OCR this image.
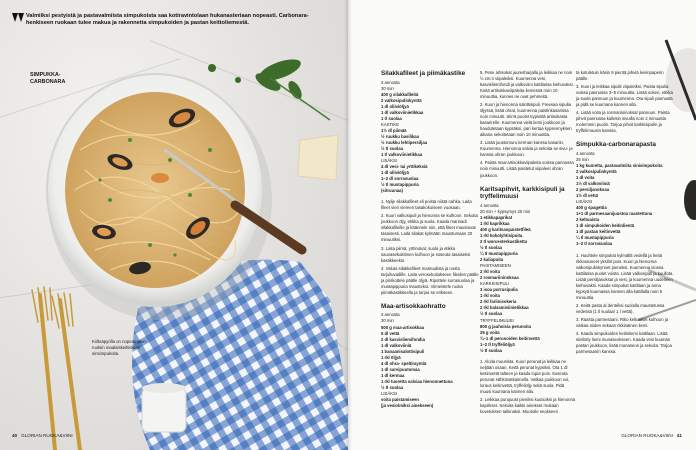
Valmiiksi pestyistä ja pastavalmiista simpukoista saa kotiravintolaan hukanasteriaan nopeasti. Carbonara-henkiseen ruokaan tulee makua ja rakennetta simpukoiden ja pastan keittoliemestä.
SIMPUKKA-CARBONARA
Kiiltoäpyrilla on nopeampien ruokiin maalaiskeittiöiden sinsimpukoita.
40 GLORIAN RUOKA&VIINI
Silakkafileet ja piimäkastike
4 annosta
30 min
400 g silakkafileitä
2 valkosipulinkynttä
1 dl oliiviöljyä
1 dl valkoviinietikkaa
1 tl suolaa
KASTIKE
1½ dl piimää
½ ruukku basilikaa
½ ruukku lehtipersiljaa
½ tl suolaa
1 tl valkoviinietikkaa
LISÄKSI
4 dl vesi- tai yrttikeksiä
1 dl oliiviöljyä
1–2 dl sorrasuolaa
½ tl mustapippuria
(sitruunaa)

1. Nylje silakkafileet eli poista niistä nahka. Laita fileet vieri viereen tasakokoiseen vuokaan.

2. Kuori valkosipuli ja hienonna se kulhoon. Sekoita joukkoon öljy, etikka ja suola. Kaada marinadi silakkafileille ja käännele niin, että fileet maustuvat tasaisesti. Laita silakat kylmään maustumaan 20 minuutiksi.

3. Laita piimä, yrttinokat, suola ja etikka sauvasekoittimen kulhoon ja soseuta tasaiseksi kastikkeeksi.

4. Valuta silakkafileet marinadista ja nosta tarjoiluvadille. Laita verosekoitukseen fileiden päälle ja pirskottele päälle öljyä. Ripottele sorrasuolaa ja mustapippuria maustekoi. Viimeistele ruoka piimäkastikkeella ja tarjoa se erikseen.

Maa-artisokkaohratto
4 annosta
30 min
500 g maa-artisokkaa
5 dl vettä
2 dl kasvisliemifondia
1 dl valkoviiniä
1 banaanisalottisipuli
1 rkl öljyä
4 dl ohra- speltirayntiä
1 dl sarvipuutomaa
1 dl kermaa
1 rkl tuoretta salviaa hienonnettuna
½ tl suolaa
LISÄKSI
voita paistamiseen
(ja vesiolmiksi ainekseen)

5. Pese artisokat juuresharjalla ja leikkaa ne noin ½ cm:n viipaleiksi. Kuumenna vesi, kasvisliemifondi ja valkoviini kattilassa kiehuvaksi. Keitä artisokkaviipaleita liemessä noin 10 minuuttia, kunnes ne ovat pehmeitä.

2. Kuori ja hienonna salottisipuli. Freesaa sipulia öljyssä, lisää ohrat, kuumenna paistinkasarissa noin minuutti. Siirrä puolet kypsistä artisokasta kasarirelle. Kuumenna vielä liemi joukkoon ja haudutetaan kypsäksi, pari kertaa kypsennyksen aikana sekoitetaan noin 10 minuuttia.

3. Lisää juustomuru kerman kanssa kasariin. Kuumenna. Hienonna salvia ja sekoita se sivu- ja kanssa ohran joukkoon.

4. Paista maa-artisokkaviipaleita voissa pannussa noin minuutti. Lisää paistetut viipaleet ohran joukkoon.

Karitsapihvit, karkkisipuli ja tryffelimuusi
4 annosta
20 min + kypsymys 20 min
1 etikkapaprikat
1 rkl kaprikkaa
400 g karitsanpaistetfileä
1 rkl kokolyhtisipuita
2 tl worcesterkastiketta
½ tl suolaa
¼ tl mustapippuria
2 kaliapuita
PAISTAMISEEN
2 rkl voita
2 rosmariininoksaa
KARKKISIPULI
3 isoa purrusipulia
1 rkl voita
2 rkl fariinisokeria
2 rkl balsamiviinietikkaa
½ tl suolaa
TRYFFELIMUUSI
800 g jauhoisia perunoita
25 g voita
¾–1 dl perunoiden keitinvettä
1–2 tl tryffeliöljyä
½ tl suolaa

1. Aloita muusista. Kuori perunat ja leikkaa ne neljään osaan. Keitä perunat kypsiksi. Ota 1 dl keitinvettä talteen ja kaada loput pois. Soseuta perunat sähkövatkaimella. Vatkaa joukkoon voi, loraus keitinvettä, tryffeliöljy sekä suola. Pidä muusi kuumana kannen alla.

2. Leikkaa purujuust pieniksi kuutioiksi ja hienonna kaprikset. Sekoita kaikki ainekset mukaan kovetuksen taikinaksi. Muotoile seokseen

ta kotuletuin käsin 8 pientä pihviä leivinpaperin päälle.

3. Kuori ja leikkaa sipulit viipaleiksi. Paista sipulia voissa pannussa 3–5 minuuttia. Lisää sokeri, etikka ja suola pannuun ja kuumenna. Ota sipuli pannusta ja pidä se kuumana kannen alla.

4. Lisää voita ja rosmariininoksat pannuun. Paista pihvit pannussa kullekin sivuilla noin 2 minuuttia molemmin puolin. Tarjoa pihvit karkkisipulin ja tryffelimuusin kanssa.

Simpukka-carbonarapasta
4 annosta
25 min
1 kg kuorelta, pastavalmiita sinisimpukoita
2 valkosipulinkynttä
1 dl voita
1½ dl valkoviiniä
2 persiljanoksaa
1½ dl vettä
LISÄKSI
400 g spagettia
1+1 dl parmesaanijuustoa raastettuna
2 keltuaista
1 dl simpukoiden keitinlientä
1 dl pastan keitinvettä
¼ tl mustapippuria
1–2 tl sorrasuolaa

1. Huuhtele simpukat kylmällä vedellä ja heitä rikkoutuneet yksilöt pois. Kuori ja hienonna valkosipulinkynnet pieneksi. Kuumenna isossa kattilassa puolet voista. Lisää valkosipuli ja kuullota. Lisää persiljanoksat ja vesi, ja kuumenna uudelleen kiehuvaksi. Kaada simpukat kattilaan ja anna kypsyä kuumassa kannen alla kattilalla noin 5 minuuttia.

2. Keitä pasta al dentéksi suolalla maustetussa vedessä (1 tl suolaa/ 1 l vettä).

3. Raasta parmesaani. Riko keltuaiset kulhoon ja vatkaa niiden sekaan rikkinäinen liemi.

4. Kaada simpukoiden keitinliemi kattilaan. Lisää siivilöity liemi munaseokseen. Kaada vesi kuuman pastan joukkoon, lisää munaseos ja sekoita. Tarjoa parmesaanin kanssa.

GLORIAN RUOKA&VIINI 41
